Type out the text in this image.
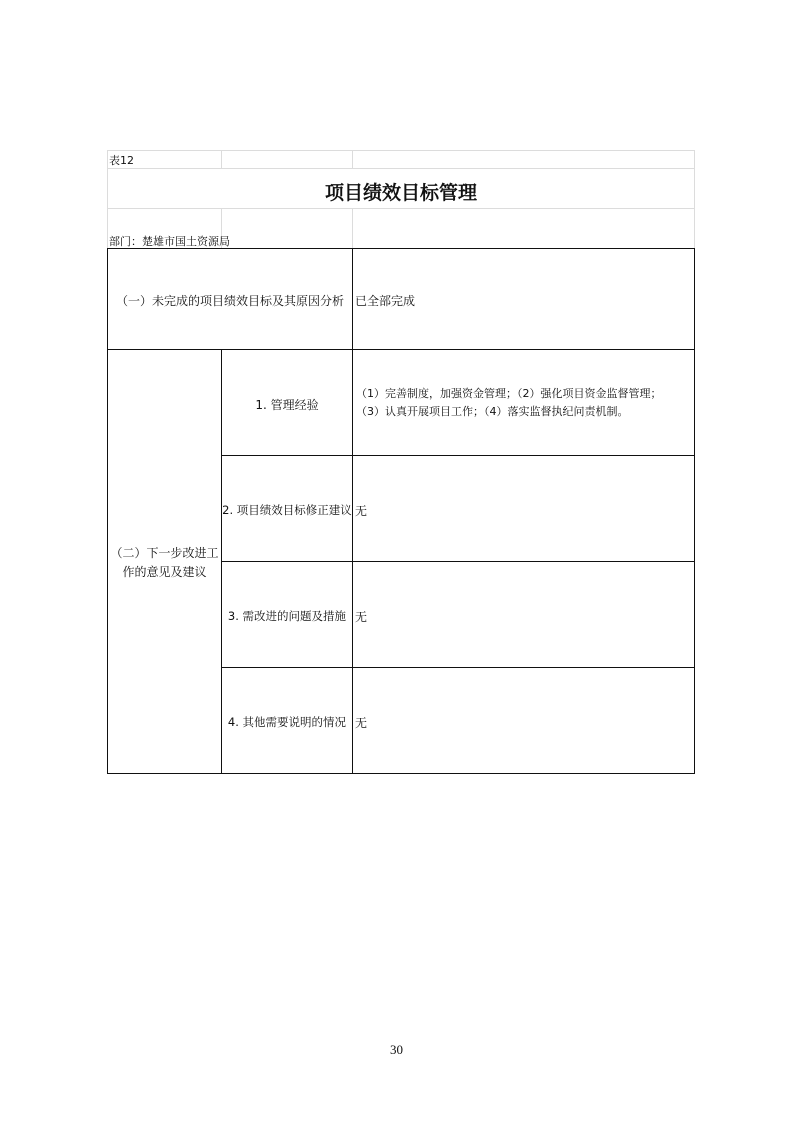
表12
项目绩效目标管理
部门：楚雄市国土资源局
（一）未完成的项目绩效目标及其原因分析 已全部完成
（二）下一步改进工
作的意见及建议
1. 管理经验
（1）完善制度，加强资金管理；（2）强化项目资金监督管理；
（3）认真开展项目工作；（4）落实监督执纪问责机制。
2. 项目绩效目标修正建议 无
3. 需改进的问题及措施 无
4. 其他需要说明的情况 无
30
